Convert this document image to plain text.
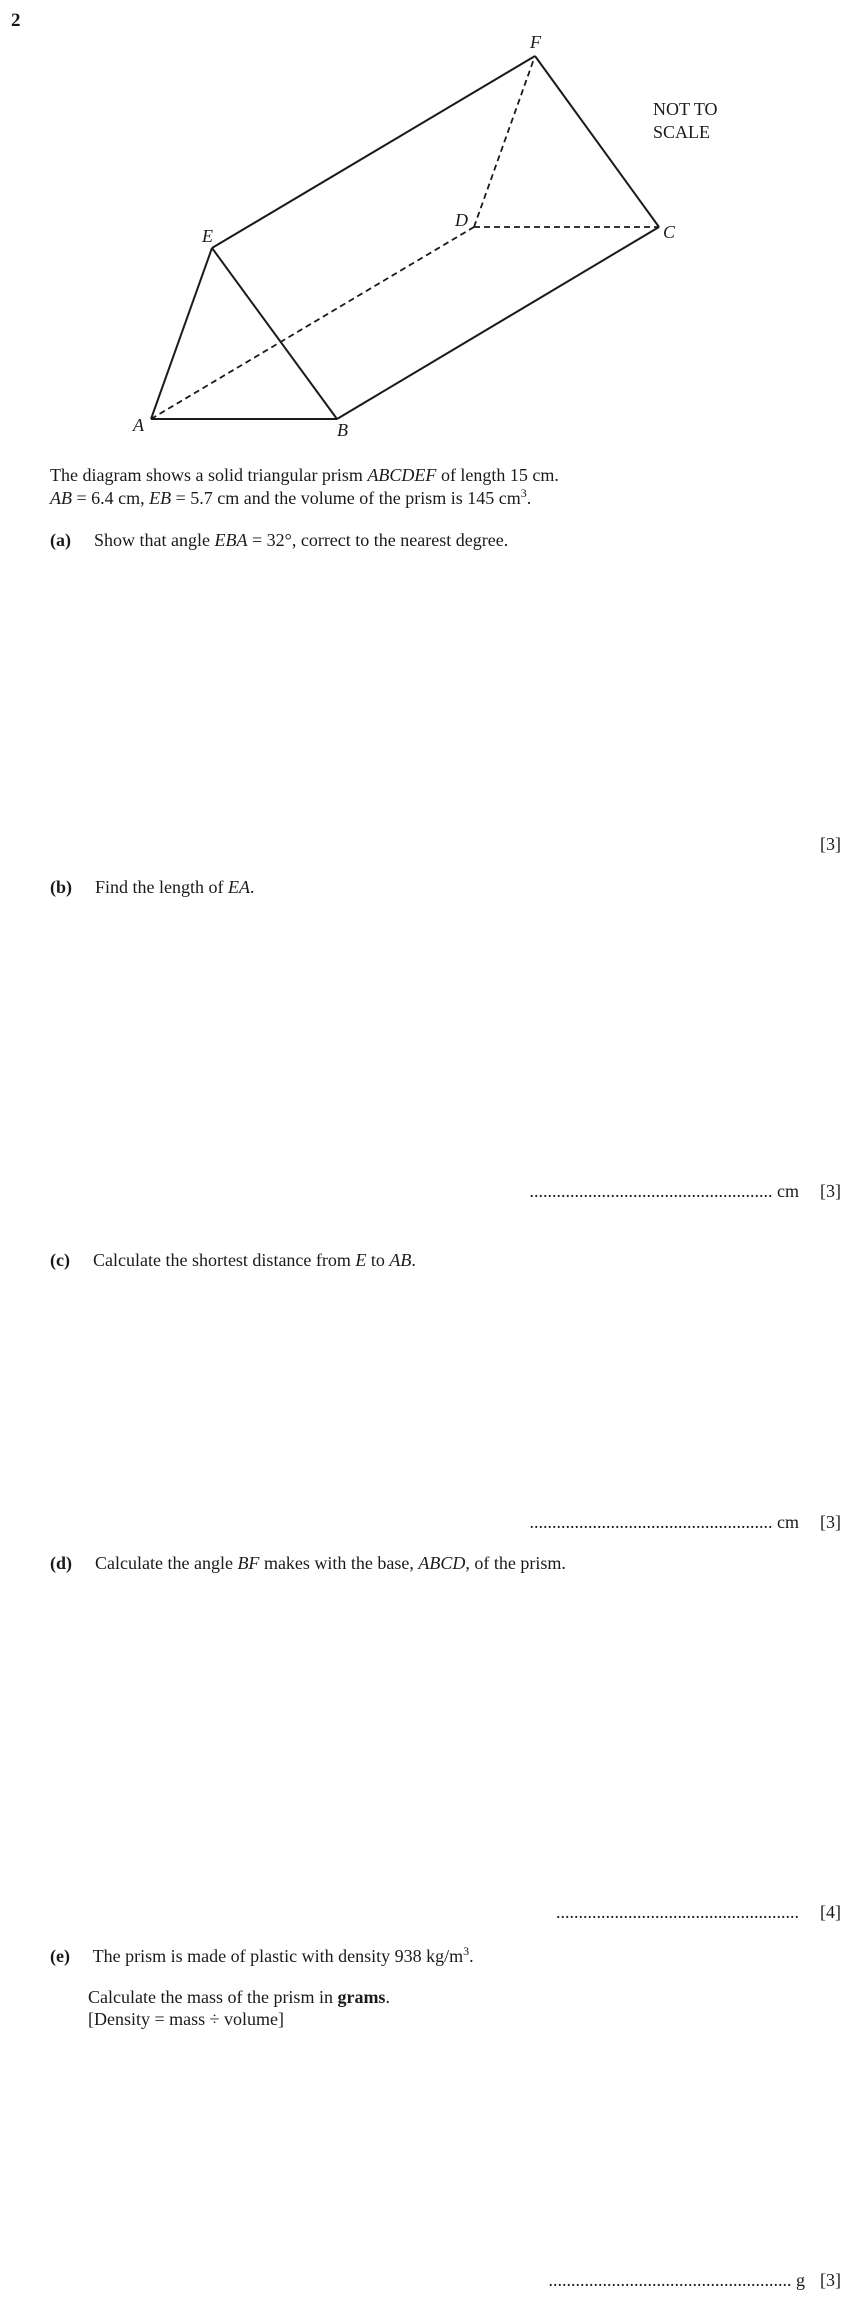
2
A	B
C
D
E
F
NOT TO
SCALE
The diagram shows a solid triangular prism ABCDEF of length 15 cm.
AB = 6.4 cm, EB = 5.7 cm and the volume of the prism is 145 $cm^3$.
(a) Show that angle EBA = 32°, correct to the nearest degree.
[3]
(b) Find the length of EA.
...................................................... cm [3]
(c) Calculate the shortest distance from E to AB.
...................................................... cm [3]
(d) Calculate the angle BF makes with the base, ABCD, of the prism.
...................................................... [4]
(e) The prism is made of plastic with density 938 $kg/m^3$.
Calculate the mass of the prism in grams.
[Density = mass ÷ volume]
...................................................... g [3]
